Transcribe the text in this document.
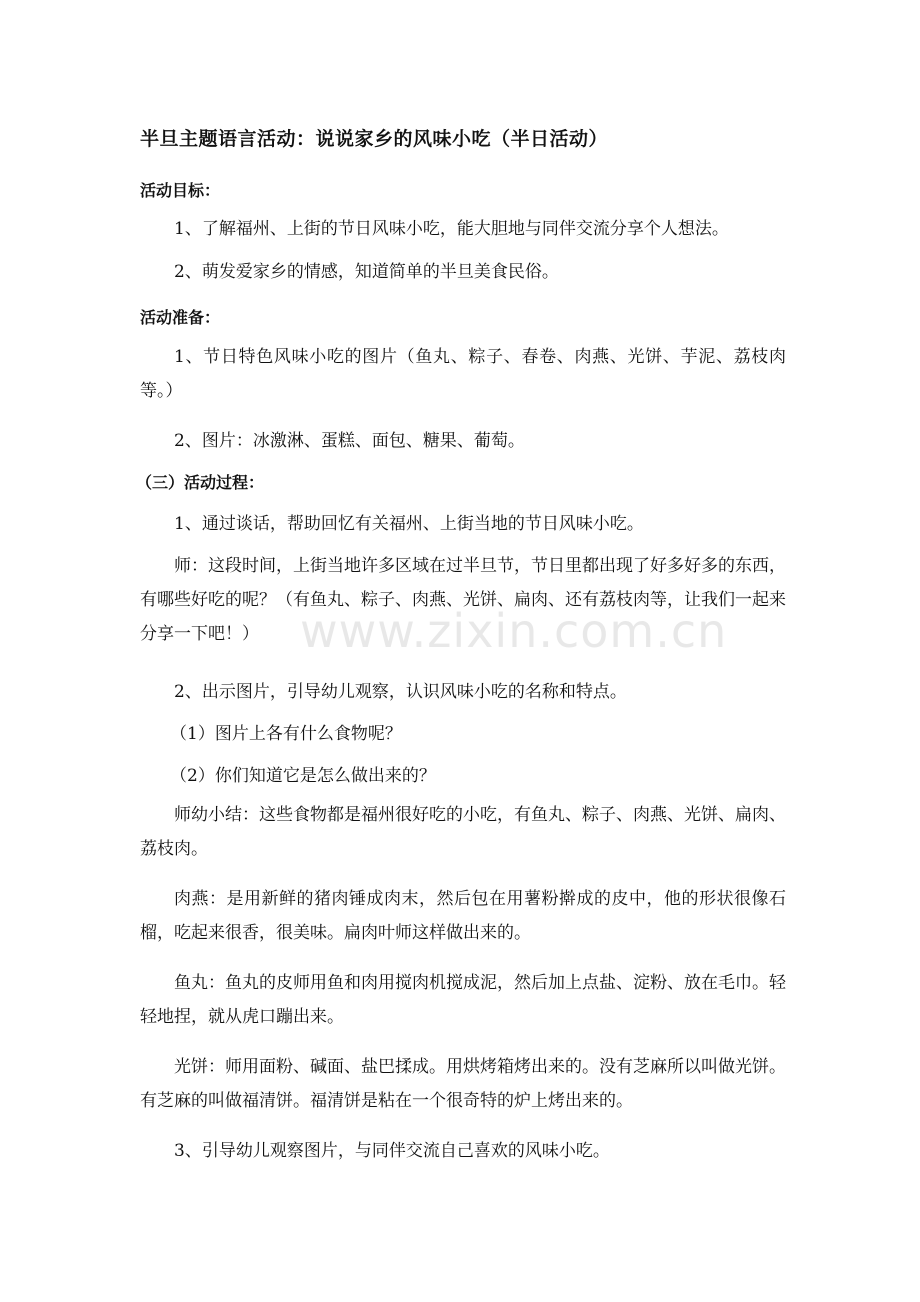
半旦主题语言活动：说说家乡的风味小吃（半日活动）
活动目标：
1、了解福州、上街的节日风味小吃，能大胆地与同伴交流分享个人想法。
2、萌发爱家乡的情感，知道简单的半旦美食民俗。
活动准备：
1、节日特色风味小吃的图片（鱼丸、粽子、春卷、肉燕、光饼、芋泥、荔枝肉等。）
2、图片：冰激淋、蛋糕、面包、糖果、葡萄。
（三）活动过程：
1、通过谈话，帮助回忆有关福州、上街当地的节日风味小吃。
师：这段时间，上街当地许多区域在过半旦节，节日里都出现了好多好多的东西，有哪些好吃的呢？（有鱼丸、粽子、肉燕、光饼、扁肉、还有荔枝肉等，让我们一起来分享一下吧！）
2、出示图片，引导幼儿观察，认识风味小吃的名称和特点。
（1）图片上各有什么食物呢？
（2）你们知道它是怎么做出来的？
师幼小结：这些食物都是福州很好吃的小吃，有鱼丸、粽子、肉燕、光饼、扁肉、荔枝肉。
肉燕：是用新鲜的猪肉锤成肉末，然后包在用薯粉擀成的皮中，他的形状很像石榴，吃起来很香，很美味。扁肉叶师这样做出来的。
鱼丸：鱼丸的皮师用鱼和肉用搅肉机搅成泥，然后加上点盐、淀粉、放在毛巾。轻轻地捏，就从虎口蹦出来。
光饼：师用面粉、碱面、盐巴揉成。用烘烤箱烤出来的。没有芝麻所以叫做光饼。有芝麻的叫做福清饼。福清饼是粘在一个很奇特的炉上烤出来的。
3、引导幼儿观察图片，与同伴交流自己喜欢的风味小吃。
www.zixin.com.cn
